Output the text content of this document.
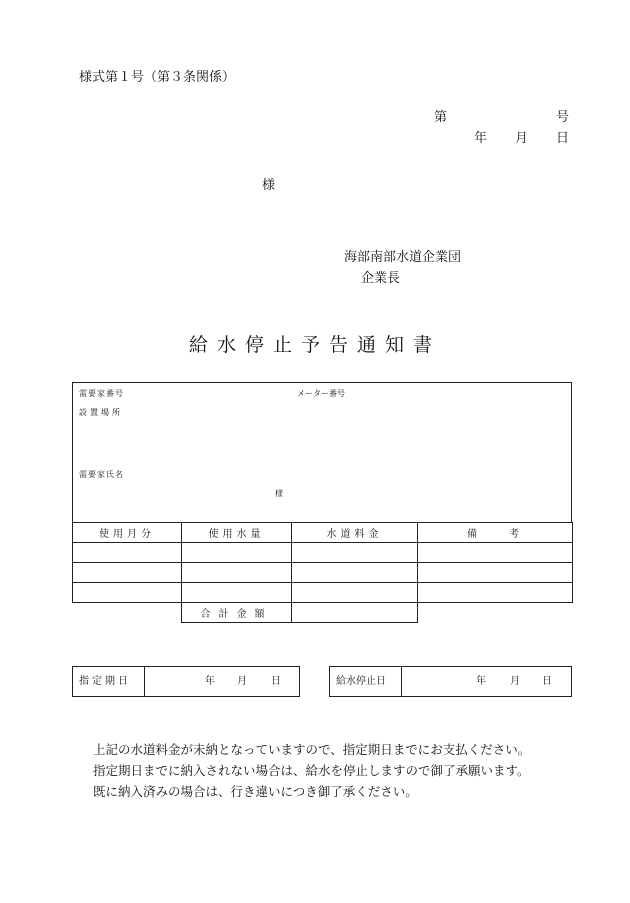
様式第１号（第３条関係）
第	号
年 月 日
様
海部南部水道企業団
企業長
給水停止予告通知書
需要家番号	メーター番号
設置場所
需要家氏名
様
使用月分	使用水量	水道料金	備　　考

	合計金額		
指定期日	年 月 日	給水停止日	年 月 日
上記の水道料金が未納となっていますので、指定期日までにお支払ください。
指定期日までに納入されない場合は、給水を停止しますので御了承願います。
既に納入済みの場合は、行き違いにつき御了承ください。
